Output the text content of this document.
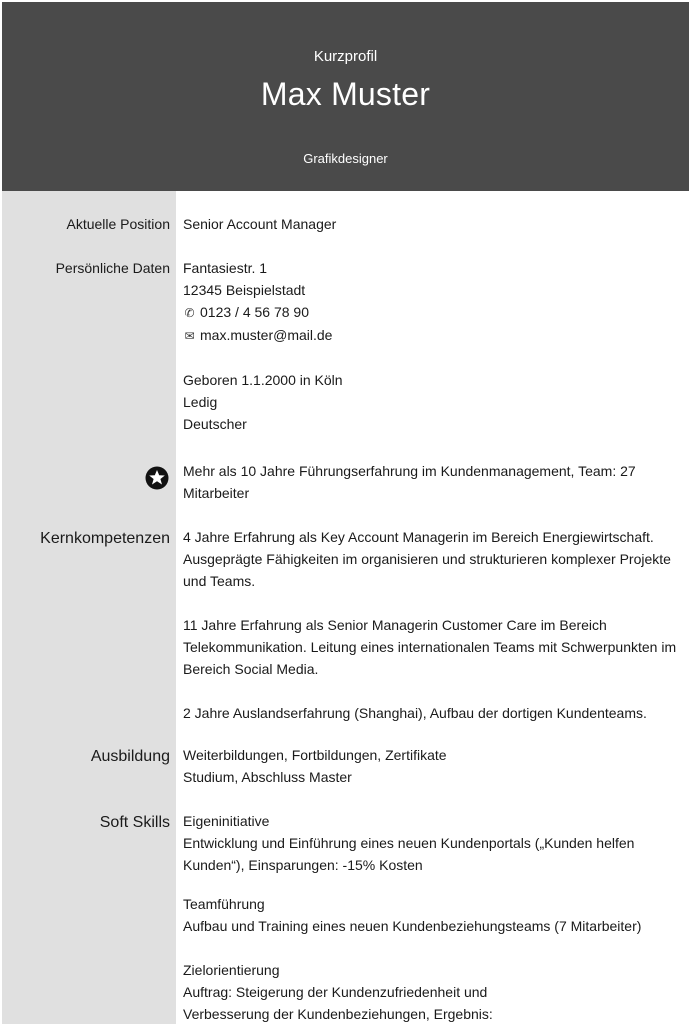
Kurzprofil
Max Muster
Grafikdesigner
Aktuelle Position Senior Account Manager
Persönliche Daten Fantasiestr. 1
12345 Beispielstadt
✆ 0123 / 4 56 78 90
✉ max.muster@mail.de
Geboren 1.1.2000 in Köln
Ledig
Deutscher
Mehr als 10 Jahre Führungserfahrung im Kundenmanagement, Team: 27
Mitarbeiter
Kernkompetenzen 4 Jahre Erfahrung als Key Account Managerin im Bereich Energiewirtschaft.
Ausgeprägte Fähigkeiten im organisieren und strukturieren komplexer Projekte
und Teams.
11 Jahre Erfahrung als Senior Managerin Customer Care im Bereich
Telekommunikation. Leitung eines internationalen Teams mit Schwerpunkten im
Bereich Social Media.
2 Jahre Auslandserfahrung (Shanghai), Aufbau der dortigen Kundenteams.
Ausbildung Weiterbildungen, Fortbildungen, Zertifikate
Studium, Abschluss Master
Soft Skills Eigeninitiative
Entwicklung und Einführung eines neuen Kundenportals („Kunden helfen
Kunden“), Einsparungen: -15% Kosten
Teamführung
Aufbau und Training eines neuen Kundenbeziehungsteams (7 Mitarbeiter)
Zielorientierung
Auftrag: Steigerung der Kundenzufriedenheit und
Verbesserung der Kundenbeziehungen, Ergebnis:
